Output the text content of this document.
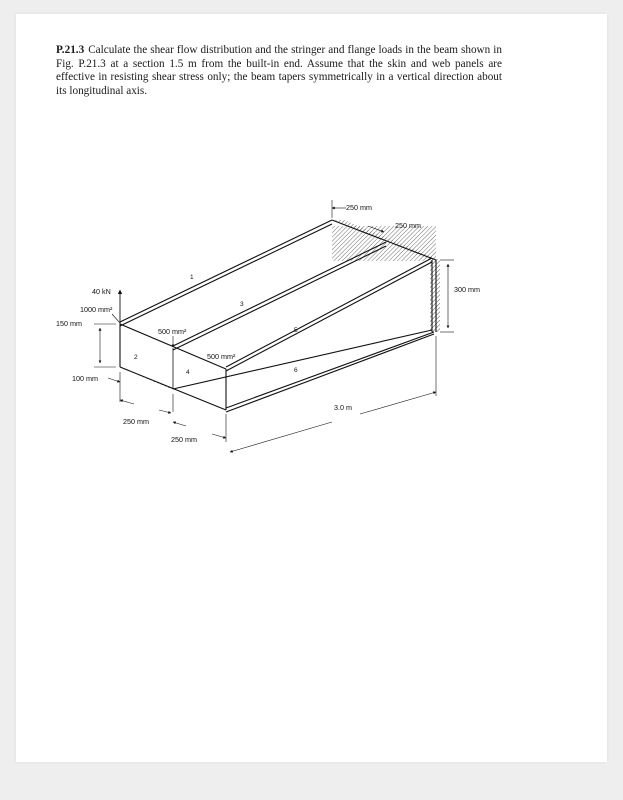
P.21.3 Calculate the shear flow distribution and the stringer and flange loads in the beam shown in Fig. P.21.3 at a section 1.5 m from the built-in end. Assume that the skin and web panels are effective in resisting shear stress only; the beam tapers symmetrically in a vertical direction about its longitudinal axis.

40 kN
1000 mm²
500 mm²
500 mm²
1
2
3
4
5
6
150 mm
100 mm
250 mm
250 mm
250 mm
250 mm
300 mm
3.0 m
